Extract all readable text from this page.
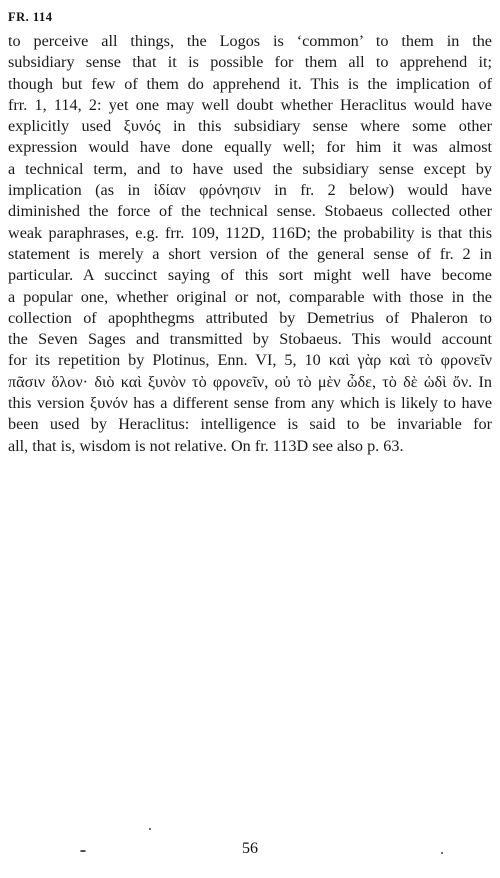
FR. 114
to perceive all things, the Logos is ‘common’ to them in the
subsidiary sense that it is possible for them all to apprehend it;
though but few of them do apprehend it. This is the implication of
frr. 1, 114, 2: yet one may well doubt whether Heraclitus would have
explicitly used ξυνός in this subsidiary sense where some other
expression would have done equally well; for him it was almost
a technical term, and to have used the subsidiary sense except by
implication (as in ἰδίαν φρόνησιν in fr. 2 below) would have
diminished the force of the technical sense. Stobaeus collected other
weak paraphrases, e.g. frr. 109, 112D, 116D; the probability is that this
statement is merely a short version of the general sense of fr. 2 in
particular. A succinct saying of this sort might well have become
a popular one, whether original or not, comparable with those in the
collection of apophthegms attributed by Demetrius of Phaleron to
the Seven Sages and transmitted by Stobaeus. This would account
for its repetition by Plotinus, Enn. VI, 5, 10 καὶ γὰρ καὶ τὸ φρονεῖν
πᾶσιν ὅλον· διὸ καὶ ξυνὸν τὸ φρονεῖν, οὐ τὸ μὲν ὧδε, τὸ δὲ ὡδὶ ὄν. In
this version ξυνόν has a different sense from any which is likely to have
been used by Heraclitus: intelligence is said to be invariable for
all, that is, wisdom is not relative. On fr. 113D see also p. 63.
56
